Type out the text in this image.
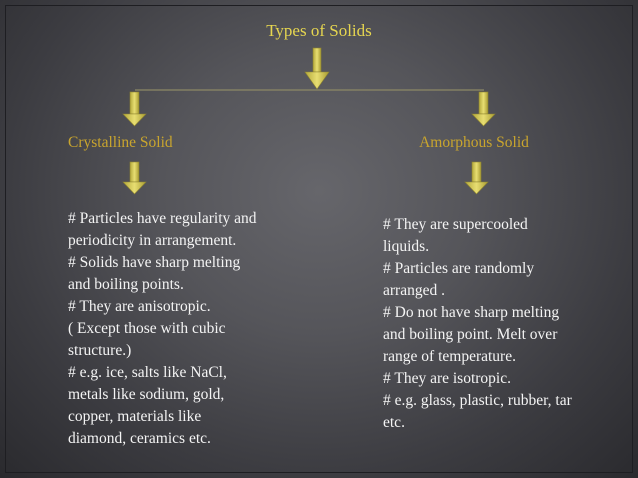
Types of Solids
Crystalline Solid	Amorphous Solid
# Particles have regularity and
periodicity in arrangement.
# Solids have sharp melting
and boiling points.
# They are anisotropic.
( Except those with cubic
structure.)
# e.g. ice, salts like NaCl,
metals like sodium, gold,
copper, materials like
diamond, ceramics etc.
# They are supercooled
liquids.
# Particles are randomly
arranged .
# Do not have sharp melting
and boiling point. Melt over
range of temperature.
# They are isotropic.
# e.g. glass, plastic, rubber, tar
etc.
